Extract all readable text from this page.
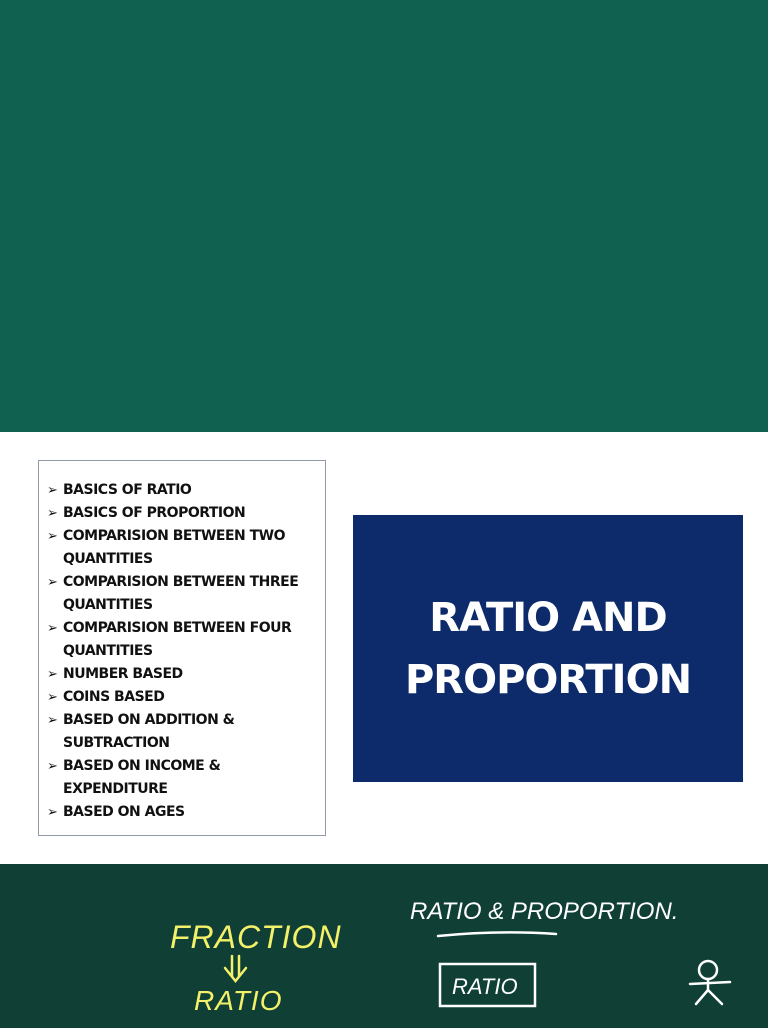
➢ BASICS OF RATIO
➢ BASICS OF PROPORTION
➢ COMPARISION BETWEEN TWO QUANTITIES
➢ COMPARISION BETWEEN THREE QUANTITIES
➢ COMPARISION BETWEEN FOUR QUANTITIES
➢ NUMBER BASED
➢ COINS BASED
➢ BASED ON ADDITION & SUBTRACTION
➢ BASED ON INCOME & EXPENDITURE
➢ BASED ON AGES
RATIO AND
PROPORTION
FRACTION
RATIO
RATIO & PROPORTION.
RATIO
